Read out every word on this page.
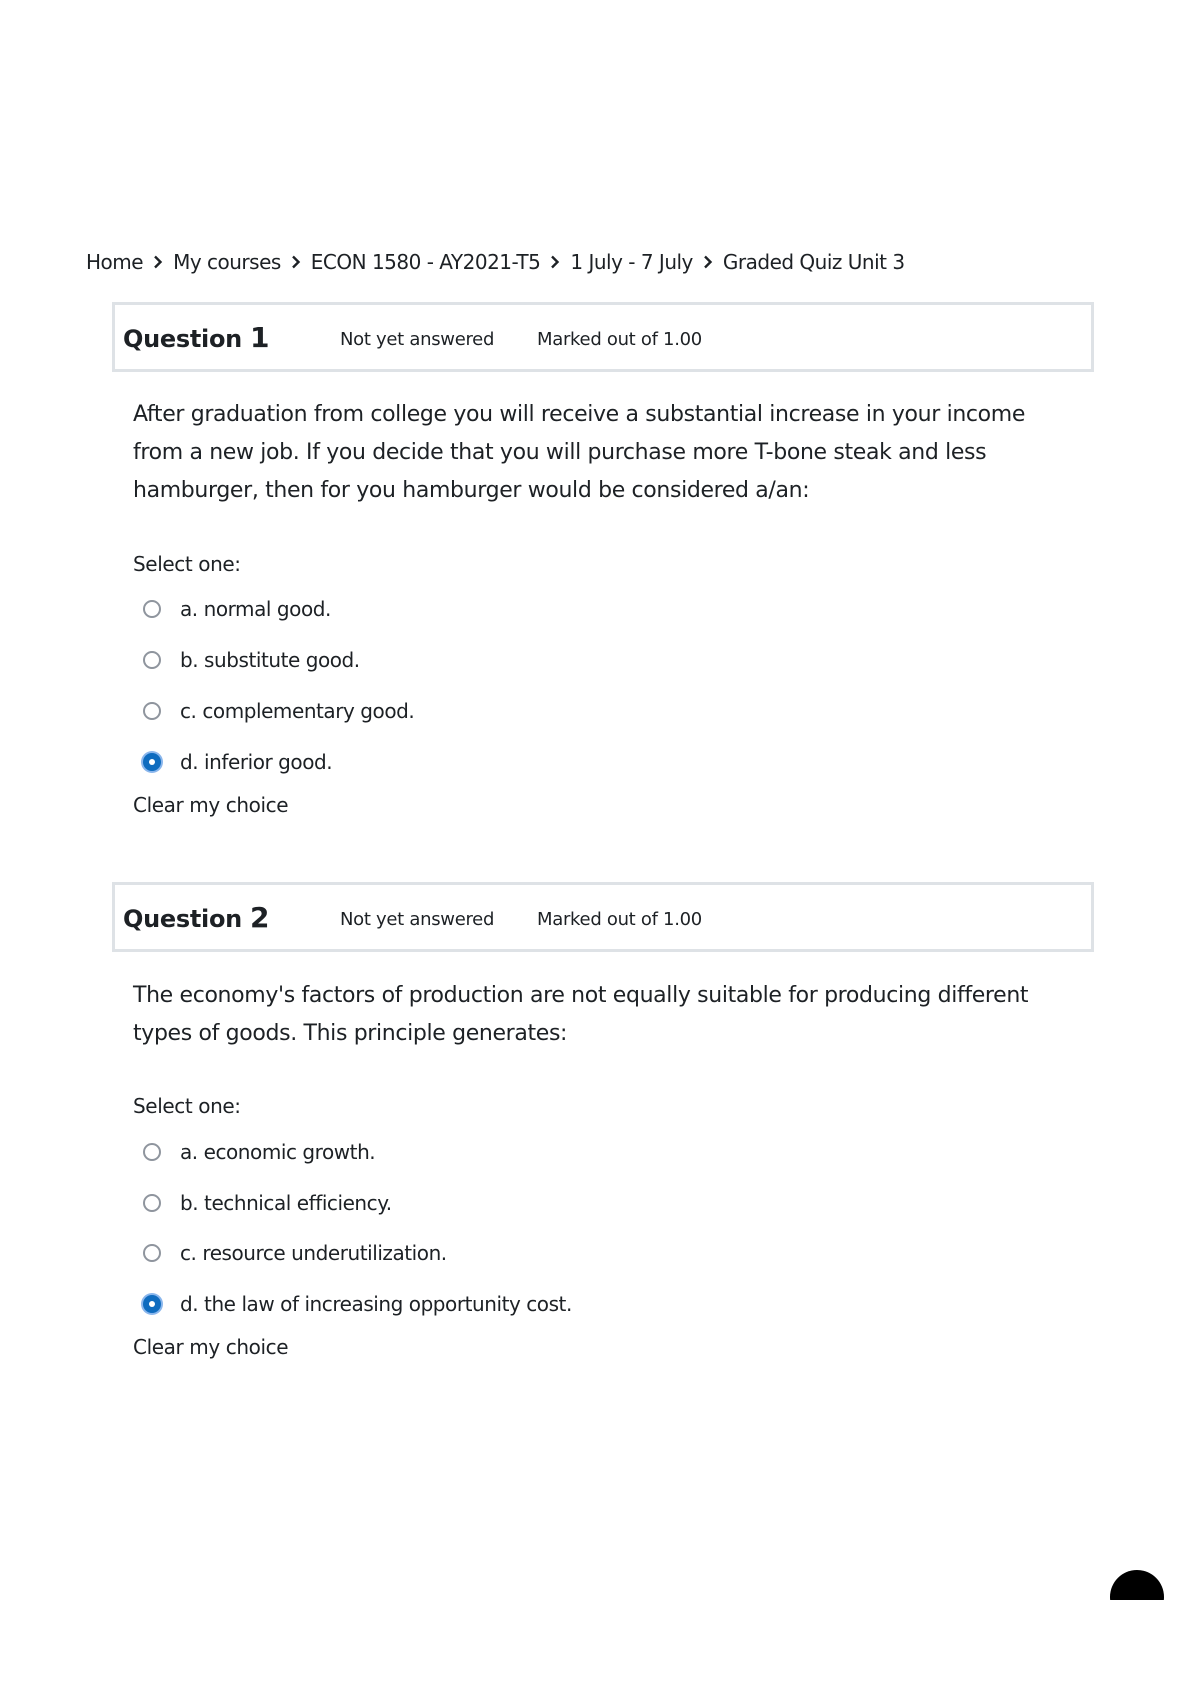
Home My courses ECON 1580 - AY2021-T5 1 July - 7 July Graded Quiz Unit 3
Question 1	Not yet answered Marked out of 1.00
After graduation from college you will receive a substantial increase in your income from a new job. If you decide that you will purchase more T-bone steak and less hamburger, then for you hamburger would be considered a/an:
Select one:
a. normal good.
b. substitute good.
c. complementary good.
d. inferior good.
Clear my choice
Question 2	Not yet answered Marked out of 1.00
The economy's factors of production are not equally suitable for producing different types of goods. This principle generates:
Select one:
a. economic growth.
b. technical efficiency.
c. resource underutilization.
d. the law of increasing opportunity cost.
Clear my choice
